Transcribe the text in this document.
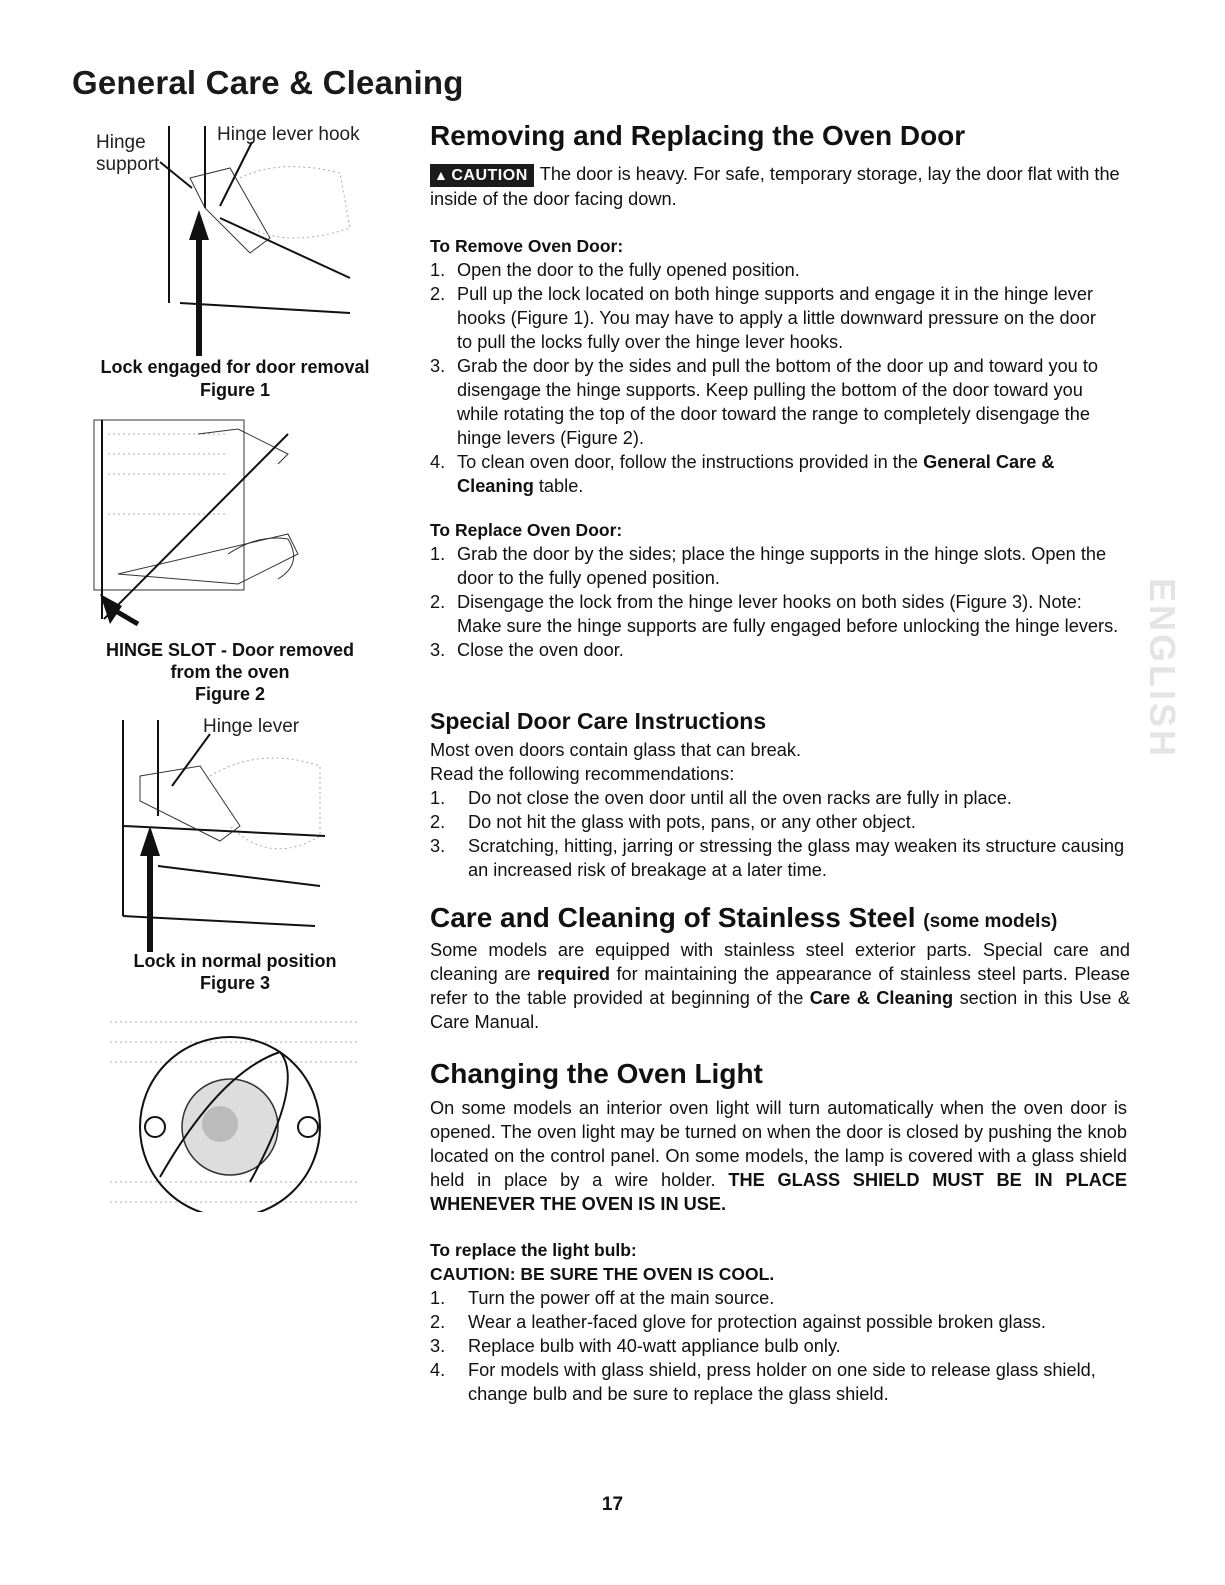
General Care & Cleaning
Hinge
support
Hinge lever hook
Lock engaged for door removal
Figure 1
HINGE SLOT - Door removed
from the oven
Figure 2
Hinge lever
Lock in normal position
Figure 3
Removing and Replacing the Oven Door
▲ CAUTION The door is heavy. For safe, temporary storage, lay the door flat with the inside of the door facing down.
To Remove Oven Door:
1. Open the door to the fully opened position.
2. Pull up the lock located on both hinge supports and engage it in the hinge lever hooks (Figure 1). You may have to apply a little downward pressure on the door to pull the locks fully over the hinge lever hooks.
3. Grab the door by the sides and pull the bottom of the door up and toward you to disengage the hinge supports. Keep pulling the bottom of the door toward you while rotating the top of the door toward the range to completely disengage the hinge levers (Figure 2).
4. To clean oven door, follow the instructions provided in the General Care & Cleaning table.
To Replace Oven Door:
1. Grab the door by the sides; place the hinge supports in the hinge slots. Open the door to the fully opened position.
2. Disengage the lock from the hinge lever hooks on both sides (Figure 3). Note: Make sure the hinge supports are fully engaged before unlocking the hinge levers.
3. Close the oven door.
Special Door Care Instructions
Most oven doors contain glass that can break.
Read the following recommendations:
1. Do not close the oven door until all the oven racks are fully in place.
2. Do not hit the glass with pots, pans, or any other object.
3. Scratching, hitting, jarring or stressing the glass may weaken its structure causing an increased risk of breakage at a later time.
Care and Cleaning of Stainless Steel (some models)
Some models are equipped with stainless steel exterior parts. Special care and cleaning are required for maintaining the appearance of stainless steel parts. Please refer to the table provided at beginning of the Care & Cleaning section in this Use & Care Manual.
Changing the Oven Light
On some models an interior oven light will turn automatically when the oven door is opened. The oven light may be turned on when the door is closed by pushing the knob located on the control panel. On some models, the lamp is covered with a glass shield held in place by a wire holder. THE GLASS SHIELD MUST BE IN PLACE WHENEVER THE OVEN IS IN USE.
To replace the light bulb:
CAUTION: BE SURE THE OVEN IS COOL.
1. Turn the power off at the main source.
2. Wear a leather-faced glove for protection against possible broken glass.
3. Replace bulb with 40-watt appliance bulb only.
4. For models with glass shield, press holder on one side to release glass shield, change bulb and be sure to replace the glass shield.
ENGLISH
17
